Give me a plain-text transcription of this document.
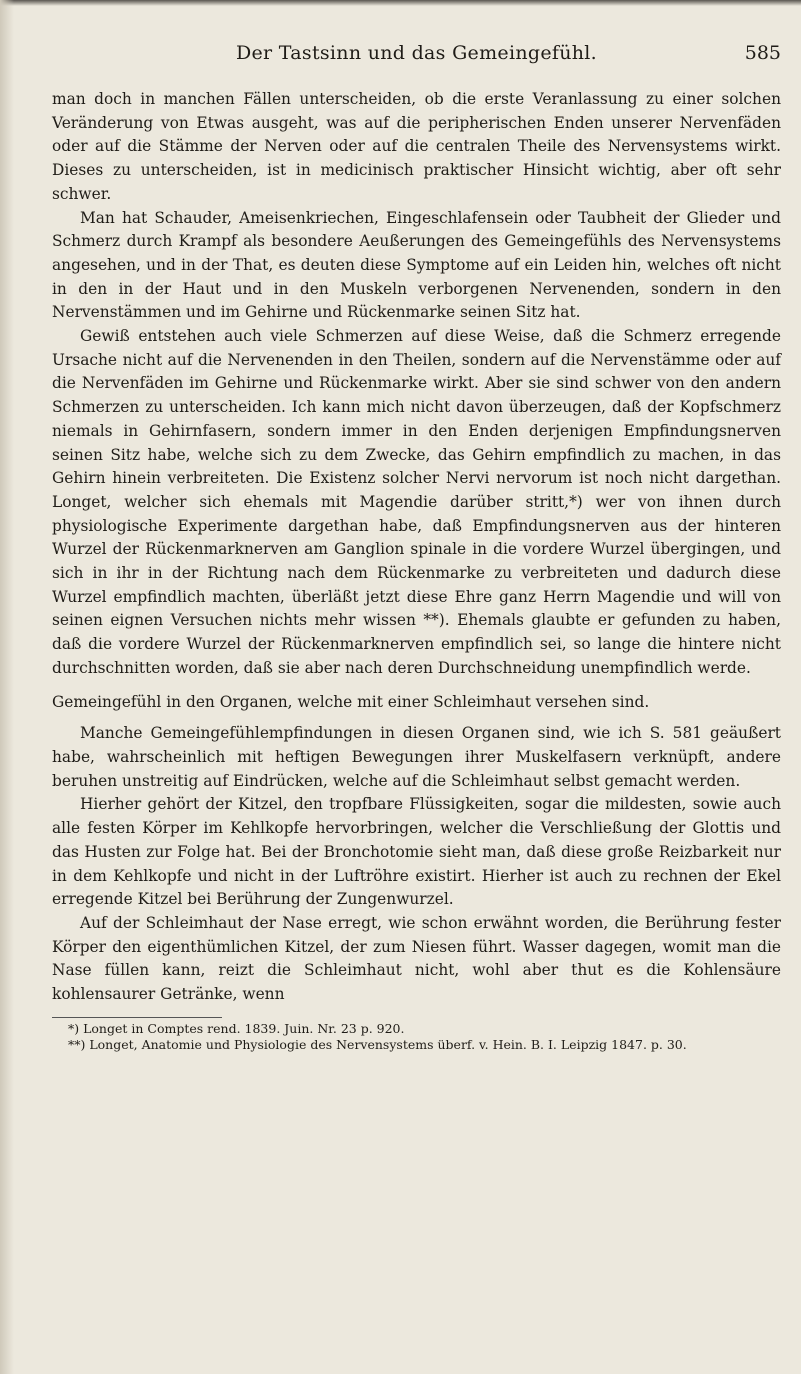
Der Tastsinn und das Gemeingefühl.	585

man doch in manchen Fällen unterscheiden, ob die erste Veranlassung zu einer solchen Veränderung von Etwas ausgeht, was auf die peripherischen Enden unserer Nervenfäden oder auf die Stämme der Nerven oder auf die centralen Theile des Nervensystems wirkt. Dieses zu unterscheiden, ist in medicinisch praktischer Hinsicht wichtig, aber oft sehr schwer.

Man hat Schauder, Ameisenkriechen, Eingeschlafensein oder Taubheit der Glieder und Schmerz durch Krampf als besondere Aeußerungen des Gemeingefühls des Nervensystems angesehen, und in der That, es deuten diese Symptome auf ein Leiden hin, welches oft nicht in den in der Haut und in den Muskeln verborgenen Nervenenden, sondern in den Nervenstämmen und im Gehirne und Rückenmarke seinen Sitz hat.

Gewiß entstehen auch viele Schmerzen auf diese Weise, daß die Schmerz erregende Ursache nicht auf die Nervenenden in den Theilen, sondern auf die Nervenstämme oder auf die Nervenfäden im Gehirne und Rückenmarke wirkt. Aber sie sind schwer von den andern Schmerzen zu unterscheiden. Ich kann mich nicht davon überzeugen, daß der Kopfschmerz niemals in Gehirnfasern, sondern immer in den Enden derjenigen Empfindungsnerven seinen Sitz habe, welche sich zu dem Zwecke, das Gehirn empfindlich zu machen, in das Gehirn hinein verbreiteten. Die Existenz solcher Nervi nervorum ist noch nicht dargethan. Longet, welcher sich ehemals mit Magendie darüber stritt,*) wer von ihnen durch physiologische Experimente dargethan habe, daß Empfindungsnerven aus der hinteren Wurzel der Rückenmarknerven am Ganglion spinale in die vordere Wurzel übergingen, und sich in ihr in der Richtung nach dem Rückenmarke zu verbreiteten und dadurch diese Wurzel empfindlich machten, überläßt jetzt diese Ehre ganz Herrn Magendie und will von seinen eignen Versuchen nichts mehr wissen **). Ehemals glaubte er gefunden zu haben, daß die vordere Wurzel der Rückenmarknerven empfindlich sei, so lange die hintere nicht durchschnitten worden, daß sie aber nach deren Durchschneidung unempfindlich werde.

Gemeingefühl in den Organen, welche mit einer Schleimhaut versehen sind.

Manche Gemeingefühlempfindungen in diesen Organen sind, wie ich S. 581 geäußert habe, wahrscheinlich mit heftigen Bewegungen ihrer Muskelfasern verknüpft, andere beruhen unstreitig auf Eindrücken, welche auf die Schleimhaut selbst gemacht werden.

Hierher gehört der Kitzel, den tropfbare Flüssigkeiten, sogar die mildesten, sowie auch alle festen Körper im Kehlkopfe hervorbringen, welcher die Verschließung der Glottis und das Husten zur Folge hat. Bei der Bronchotomie sieht man, daß diese große Reizbarkeit nur in dem Kehlkopfe und nicht in der Luftröhre existirt. Hierher ist auch zu rechnen der Ekel erregende Kitzel bei Berührung der Zungenwurzel.

Auf der Schleimhaut der Nase erregt, wie schon erwähnt worden, die Berührung fester Körper den eigenthümlichen Kitzel, der zum Niesen führt. Wasser dagegen, womit man die Nase füllen kann, reizt die Schleimhaut nicht, wohl aber thut es die Kohlensäure kohlensaurer Getränke, wenn

*) Longet in Comptes rend. 1839. Juin. Nr. 23 p. 920.

**) Longet, Anatomie und Physiologie des Nervensystems überf. v. Hein. B. I. Leipzig 1847. p. 30.
